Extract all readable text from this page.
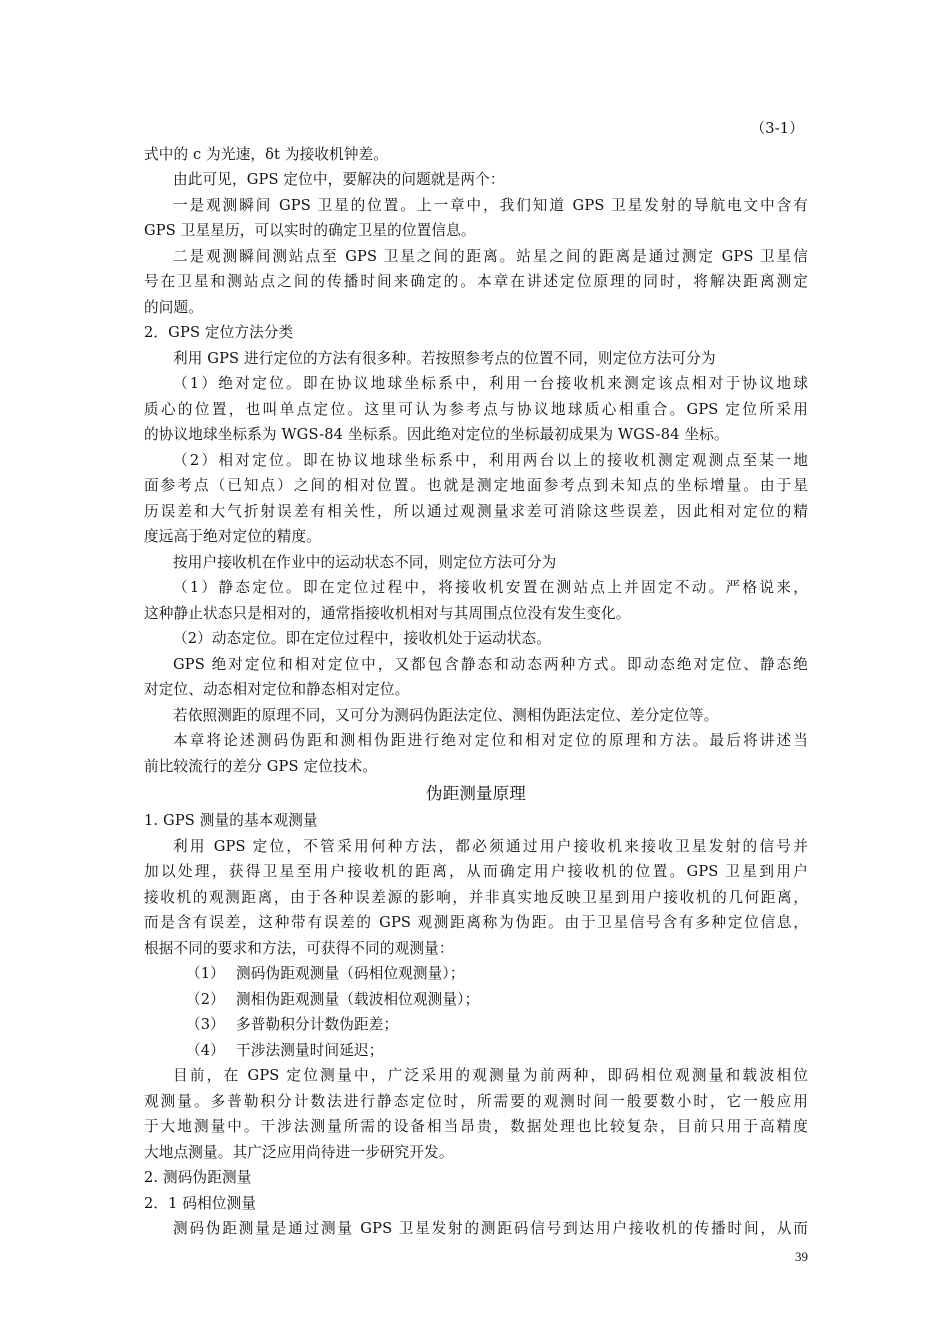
（3-1）
式中的 c 为光速，δt 为接收机钟差。
由此可见，GPS 定位中，要解决的问题就是两个：
一是观测瞬间 GPS 卫星的位置。上一章中，我们知道 GPS 卫星发射的导航电文中含有
GPS 卫星星历，可以实时的确定卫星的位置信息。
二是观测瞬间测站点至 GPS 卫星之间的距离。站星之间的距离是通过测定 GPS 卫星信
号在卫星和测站点之间的传播时间来确定的。本章在讲述定位原理的同时，将解决距离测定
的问题。
2．GPS 定位方法分类
利用 GPS 进行定位的方法有很多种。若按照参考点的位置不同，则定位方法可分为
（1）绝对定位。即在协议地球坐标系中，利用一台接收机来测定该点相对于协议地球
质心的位置，也叫单点定位。这里可认为参考点与协议地球质心相重合。GPS 定位所采用
的协议地球坐标系为 WGS-84 坐标系。因此绝对定位的坐标最初成果为 WGS-84 坐标。
（2）相对定位。即在协议地球坐标系中，利用两台以上的接收机测定观测点至某一地
面参考点（已知点）之间的相对位置。也就是测定地面参考点到未知点的坐标增量。由于星
历误差和大气折射误差有相关性，所以通过观测量求差可消除这些误差，因此相对定位的精
度远高于绝对定位的精度。
按用户接收机在作业中的运动状态不同，则定位方法可分为
（1）静态定位。即在定位过程中，将接收机安置在测站点上并固定不动。严格说来，
这种静止状态只是相对的，通常指接收机相对与其周围点位没有发生变化。
（2）动态定位。即在定位过程中，接收机处于运动状态。
GPS 绝对定位和相对定位中，又都包含静态和动态两种方式。即动态绝对定位、静态绝
对定位、动态相对定位和静态相对定位。
若依照测距的原理不同，又可分为测码伪距法定位、测相伪距法定位、差分定位等。
本章将论述测码伪距和测相伪距进行绝对定位和相对定位的原理和方法。最后将讲述当
前比较流行的差分 GPS 定位技术。
伪距测量原理
1. GPS 测量的基本观测量
利用 GPS 定位，不管采用何种方法，都必须通过用户接收机来接收卫星发射的信号并
加以处理，获得卫星至用户接收机的距离，从而确定用户接收机的位置。GPS 卫星到用户
接收机的观测距离，由于各种误差源的影响，并非真实地反映卫星到用户接收机的几何距离，
而是含有误差，这种带有误差的 GPS 观测距离称为伪距。由于卫星信号含有多种定位信息，
根据不同的要求和方法，可获得不同的观测量：
（1） 测码伪距观测量（码相位观测量）；
（2） 测相伪距观测量（载波相位观测量）；
（3） 多普勒积分计数伪距差；
（4） 干涉法测量时间延迟；
目前，在 GPS 定位测量中，广泛采用的观测量为前两种，即码相位观测量和载波相位
观测量。多普勒积分计数法进行静态定位时，所需要的观测时间一般要数小时，它一般应用
于大地测量中。干涉法测量所需的设备相当昂贵，数据处理也比较复杂，目前只用于高精度
大地点测量。其广泛应用尚待进一步研究开发。
2. 测码伪距测量
2．1 码相位测量
测码伪距测量是通过测量 GPS 卫星发射的测距码信号到达用户接收机的传播时间，从而
39
